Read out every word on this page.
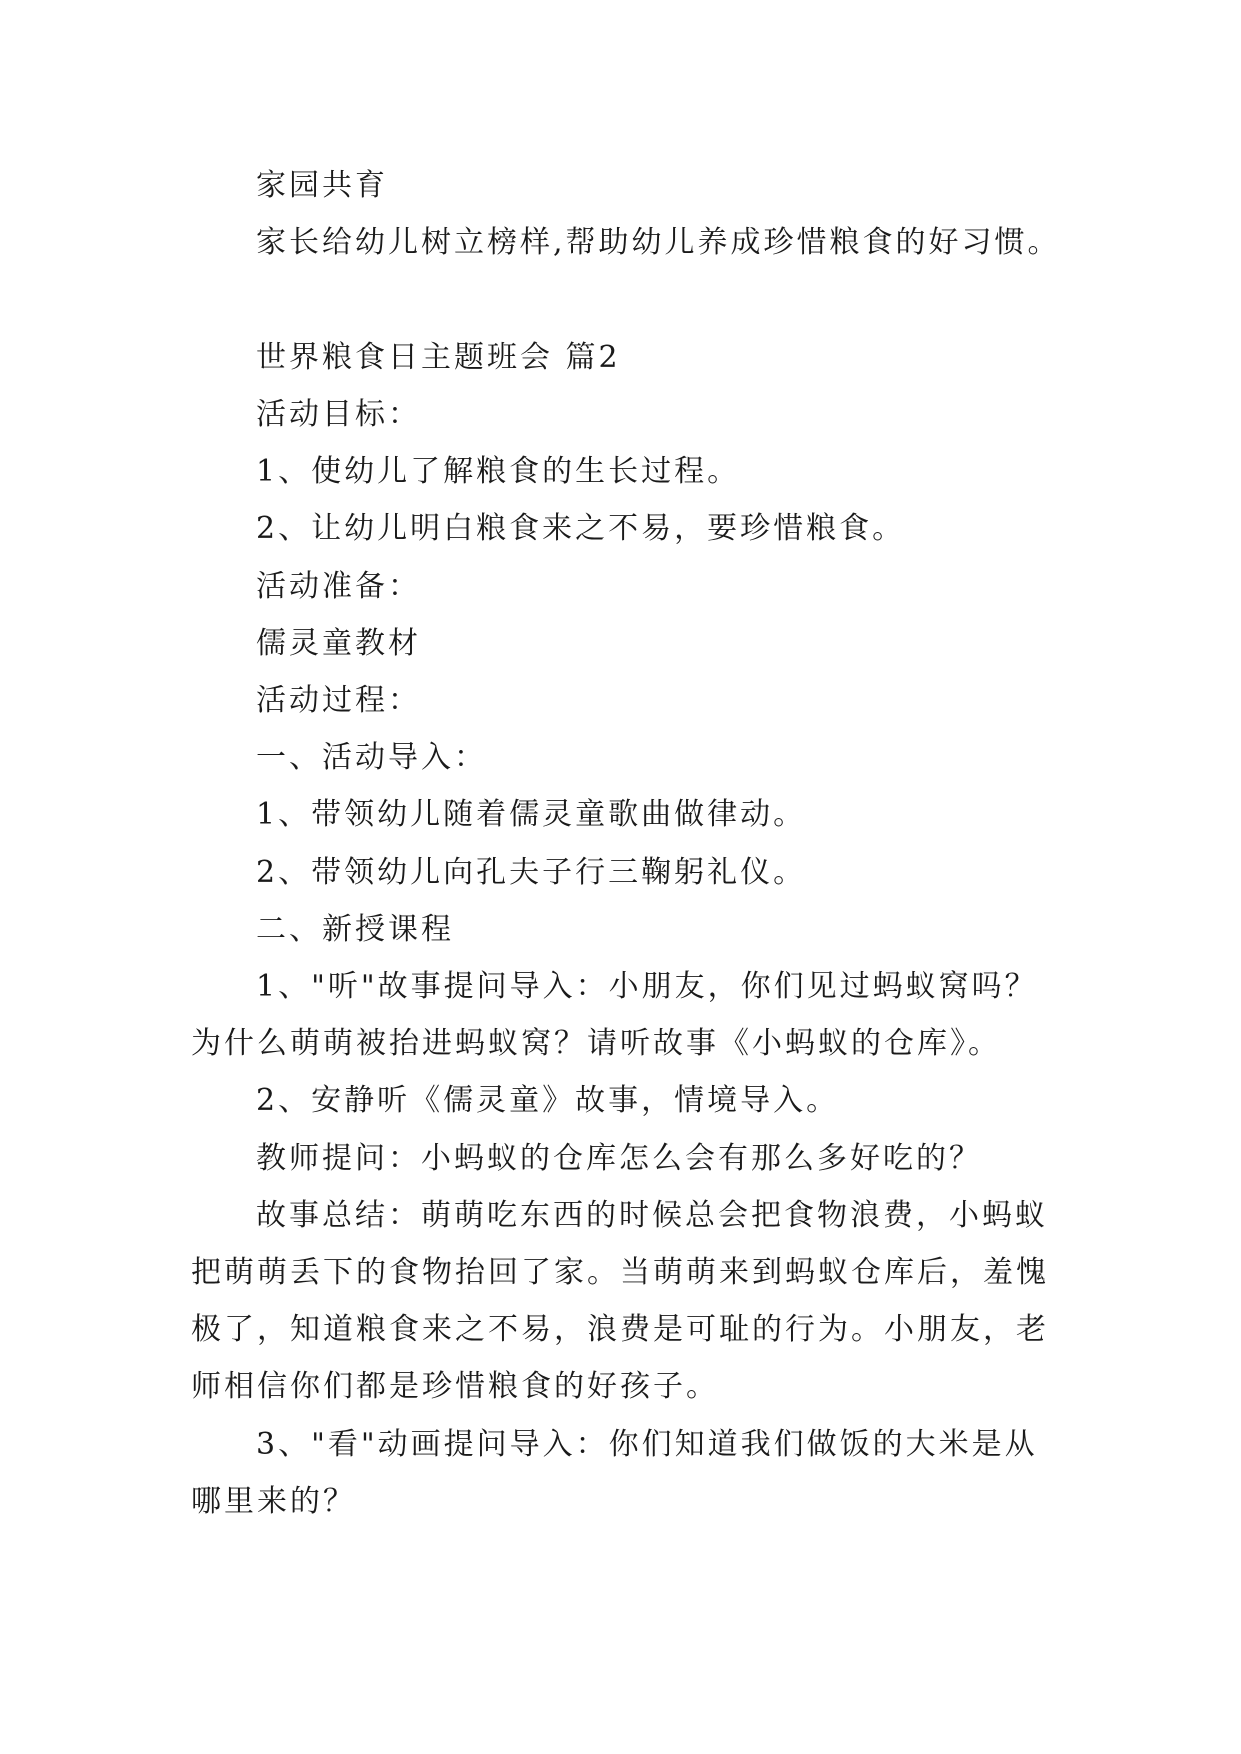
家园共育
家长给幼儿树立榜样,帮助幼儿养成珍惜粮食的好习惯。
世界粮食日主题班会 篇2
活动目标：
1、使幼儿了解粮食的生长过程。
2、让幼儿明白粮食来之不易，要珍惜粮食。
活动准备：
儒灵童教材
活动过程：
一、活动导入：
1、带领幼儿随着儒灵童歌曲做律动。
2、带领幼儿向孔夫子行三鞠躬礼仪。
二、新授课程
1、"听"故事提问导入：小朋友，你们见过蚂蚁窝吗？
为什么萌萌被抬进蚂蚁窝？请听故事《小蚂蚁的仓库》。
2、安静听《儒灵童》故事，情境导入。
教师提问：小蚂蚁的仓库怎么会有那么多好吃的？
故事总结：萌萌吃东西的时候总会把食物浪费，小蚂蚁
把萌萌丢下的食物抬回了家。当萌萌来到蚂蚁仓库后，羞愧
极了，知道粮食来之不易，浪费是可耻的行为。小朋友，老
师相信你们都是珍惜粮食的好孩子。
3、"看"动画提问导入：你们知道我们做饭的大米是从
哪里来的？
